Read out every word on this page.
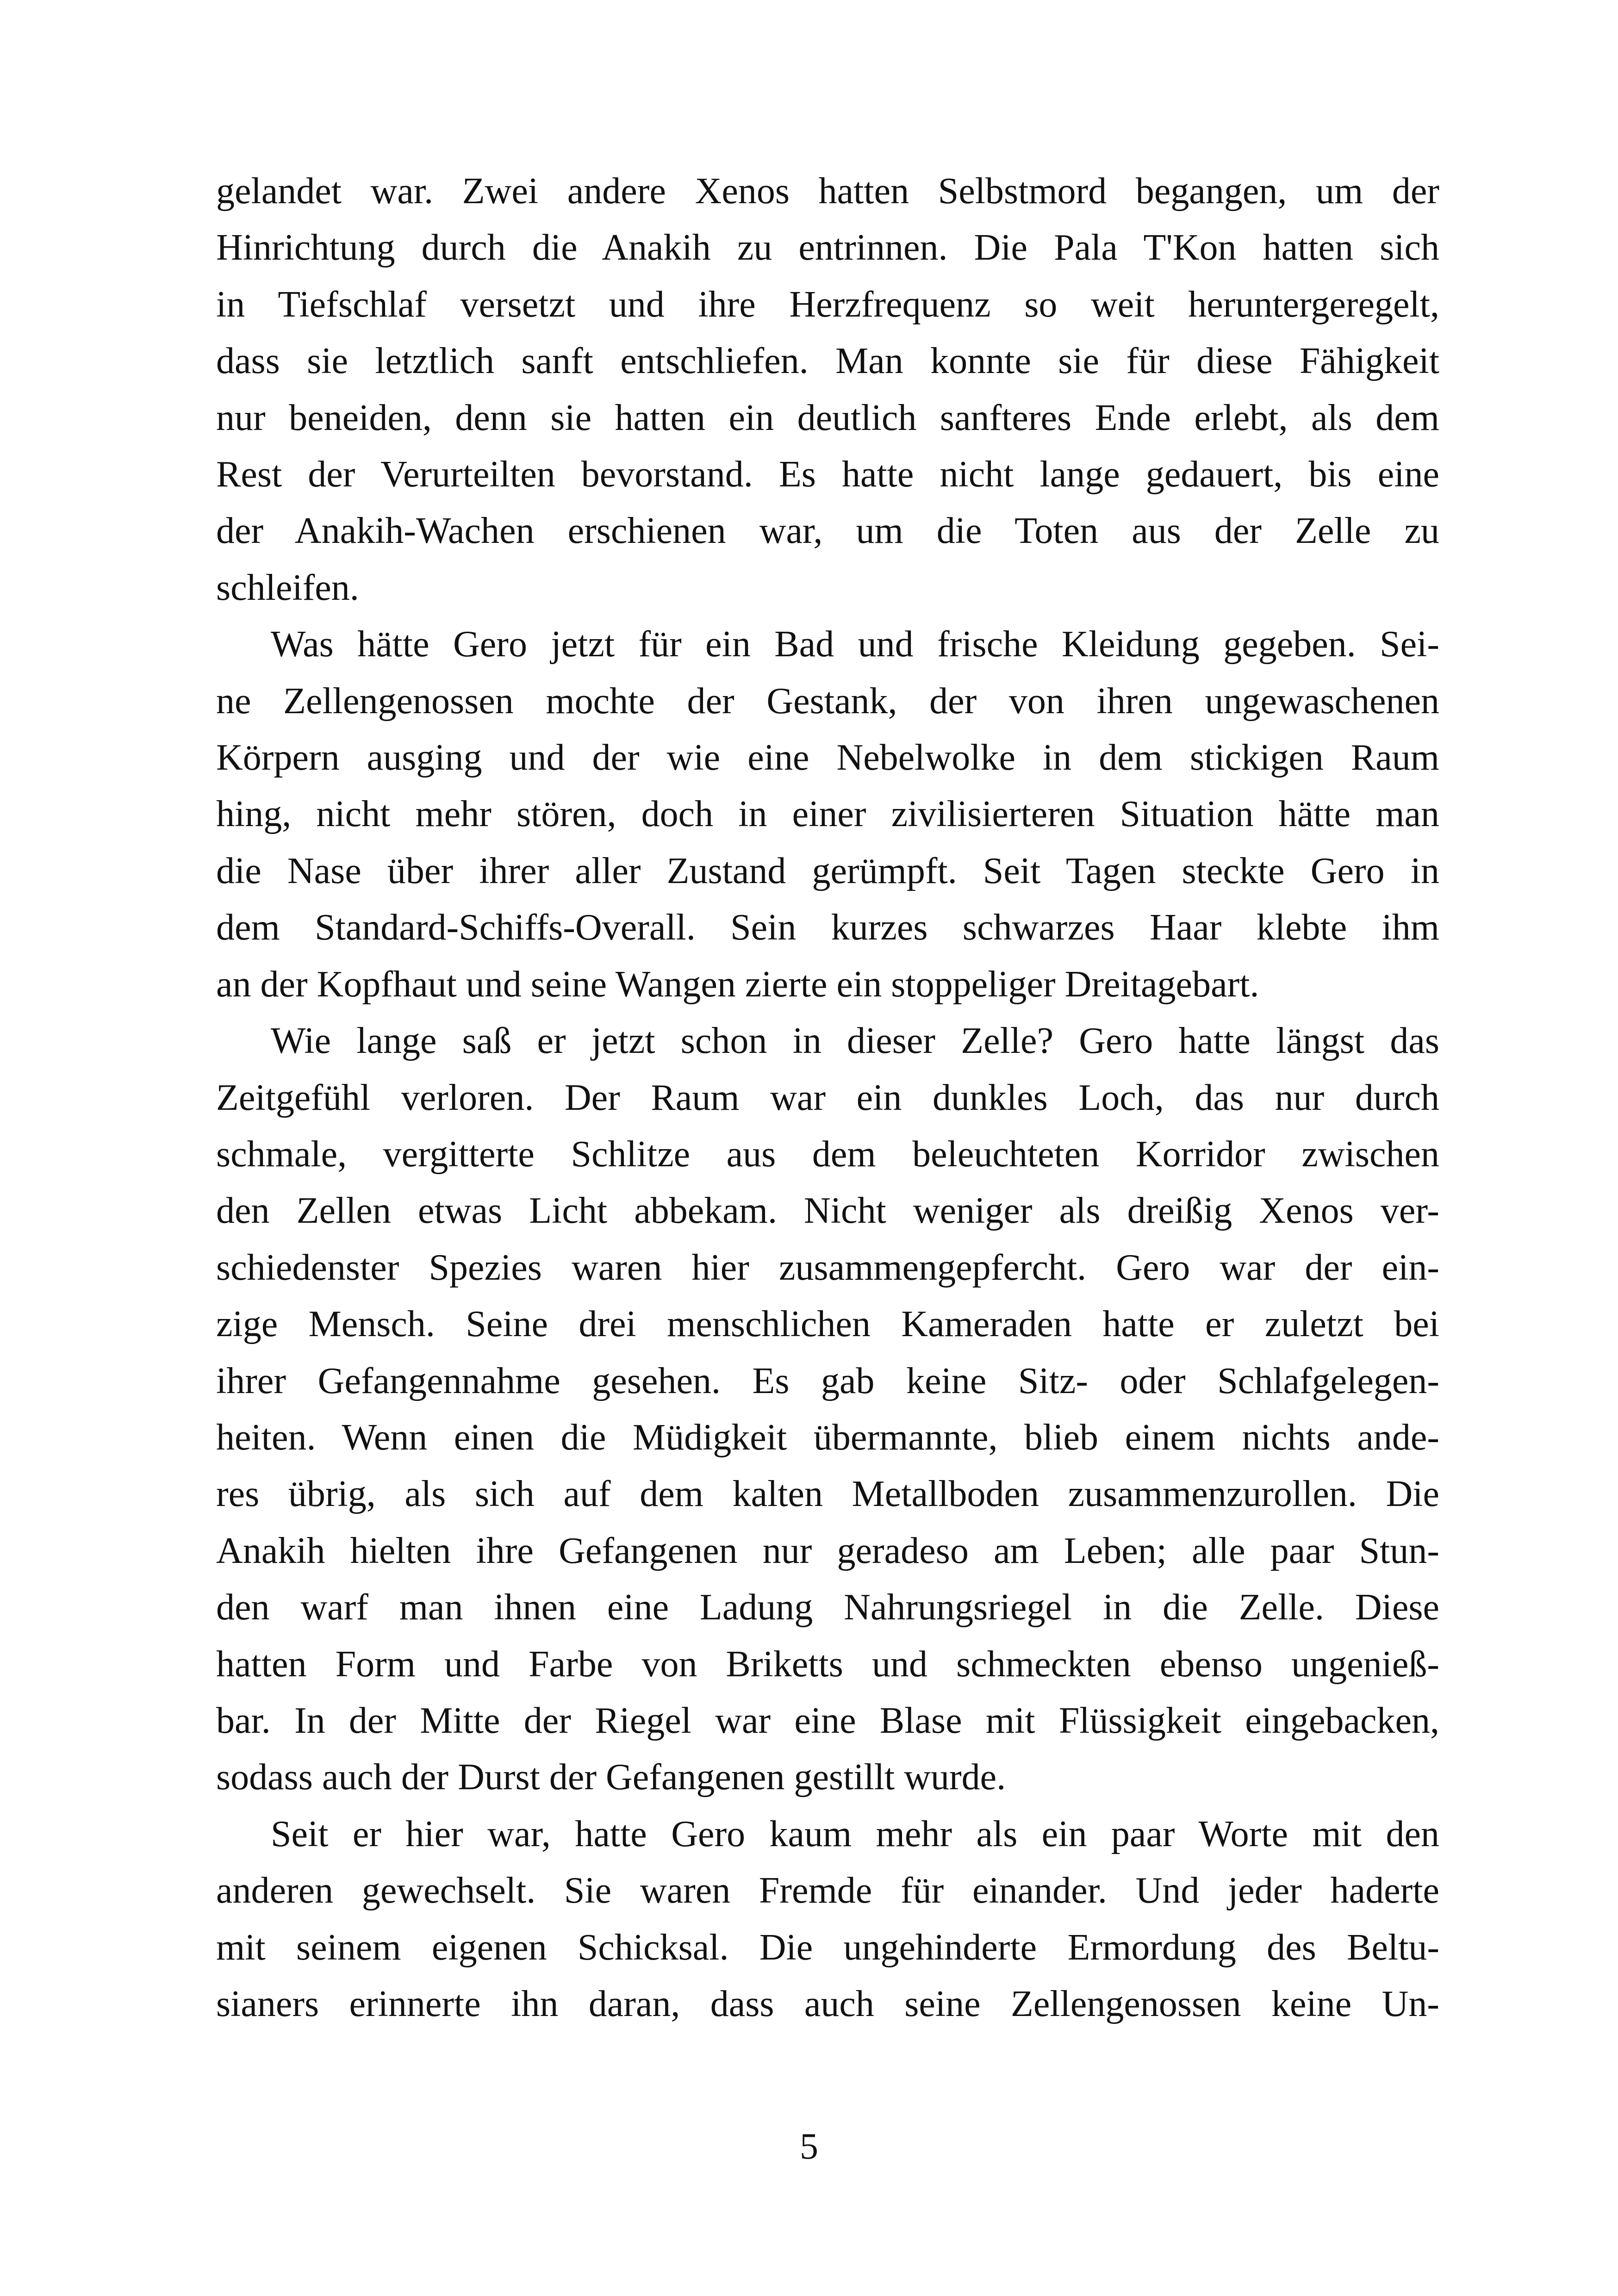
gelandet war. Zwei andere Xenos hatten Selbstmord begangen, um der
Hinrichtung durch die Anakih zu entrinnen. Die Pala T'Kon hatten sich
in Tiefschlaf versetzt und ihre Herzfrequenz so weit heruntergeregelt,
dass sie letztlich sanft entschliefen. Man konnte sie für diese Fähigkeit
nur beneiden, denn sie hatten ein deutlich sanfteres Ende erlebt, als dem
Rest der Verurteilten bevorstand. Es hatte nicht lange gedauert, bis eine
der Anakih-Wachen erschienen war, um die Toten aus der Zelle zu
schleifen.

Was hätte Gero jetzt für ein Bad und frische Kleidung gegeben. Sei-
ne Zellengenossen mochte der Gestank, der von ihren ungewaschenen
Körpern ausging und der wie eine Nebelwolke in dem stickigen Raum
hing, nicht mehr stören, doch in einer zivilisierteren Situation hätte man
die Nase über ihrer aller Zustand gerümpft. Seit Tagen steckte Gero in
dem Standard-Schiffs-Overall. Sein kurzes schwarzes Haar klebte ihm
an der Kopfhaut und seine Wangen zierte ein stoppeliger Dreitagebart.

Wie lange saß er jetzt schon in dieser Zelle? Gero hatte längst das
Zeitgefühl verloren. Der Raum war ein dunkles Loch, das nur durch
schmale, vergitterte Schlitze aus dem beleuchteten Korridor zwischen
den Zellen etwas Licht abbekam. Nicht weniger als dreißig Xenos ver-
schiedenster Spezies waren hier zusammengepfercht. Gero war der ein-
zige Mensch. Seine drei menschlichen Kameraden hatte er zuletzt bei
ihrer Gefangennahme gesehen. Es gab keine Sitz- oder Schlafgelegen-
heiten. Wenn einen die Müdigkeit übermannte, blieb einem nichts ande-
res übrig, als sich auf dem kalten Metallboden zusammenzurollen. Die
Anakih hielten ihre Gefangenen nur geradeso am Leben; alle paar Stun-
den warf man ihnen eine Ladung Nahrungsriegel in die Zelle. Diese
hatten Form und Farbe von Briketts und schmeckten ebenso ungenieß-
bar. In der Mitte der Riegel war eine Blase mit Flüssigkeit eingebacken,
sodass auch der Durst der Gefangenen gestillt wurde.

Seit er hier war, hatte Gero kaum mehr als ein paar Worte mit den
anderen gewechselt. Sie waren Fremde für einander. Und jeder haderte
mit seinem eigenen Schicksal. Die ungehinderte Ermordung des Beltu-
sianers erinnerte ihn daran, dass auch seine Zellengenossen keine Un-

5
